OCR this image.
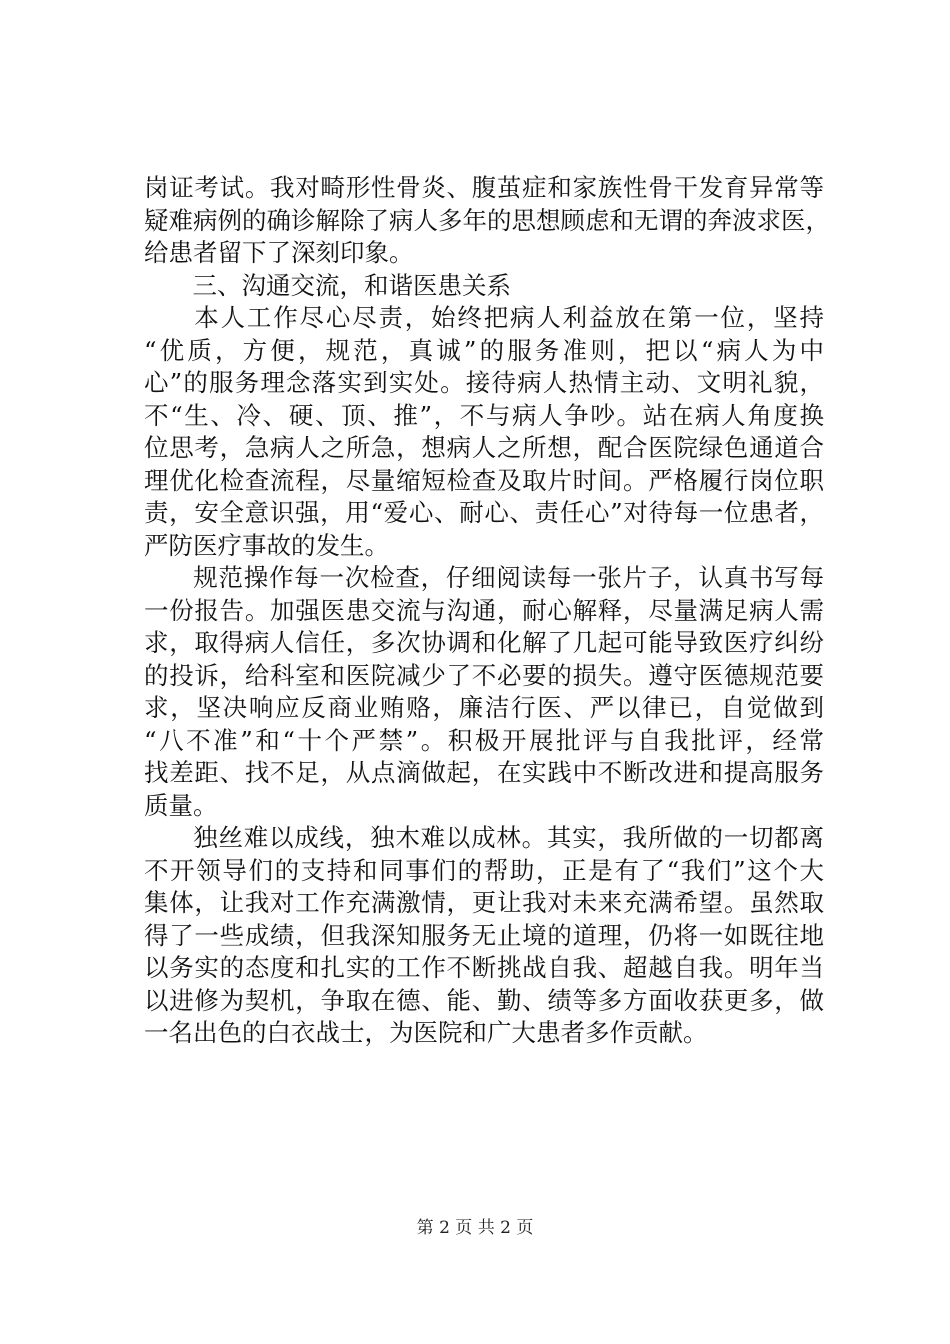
岗证考试。我对畸形性骨炎、腹茧症和家族性骨干发育异常等
疑难病例的确诊解除了病人多年的思想顾虑和无谓的奔波求医，
给患者留下了深刻印象。
　三、沟通交流，和谐医患关系
　本人工作尽心尽责，始终把病人利益放在第一位，坚持
“优质，方便，规范，真诚”的服务准则，把以“病人为中
心”的服务理念落实到实处。接待病人热情主动、文明礼貌，
不“生、冷、硬、顶、推”，不与病人争吵。站在病人角度换
位思考，急病人之所急，想病人之所想，配合医院绿色通道合
理优化检查流程，尽量缩短检查及取片时间。严格履行岗位职
责，安全意识强，用“爱心、耐心、责任心”对待每一位患者，
严防医疗事故的发生。
　规范操作每一次检查，仔细阅读每一张片子，认真书写每
一份报告。加强医患交流与沟通，耐心解释，尽量满足病人需
求，取得病人信任，多次协调和化解了几起可能导致医疗纠纷
的投诉，给科室和医院减少了不必要的损失。遵守医德规范要
求，坚决响应反商业贿赂，廉洁行医、严以律已，自觉做到
“八不准”和“十个严禁”。积极开展批评与自我批评，经常
找差距、找不足，从点滴做起，在实践中不断改进和提高服务
质量。
　独丝难以成线，独木难以成林。其实，我所做的一切都离
不开领导们的支持和同事们的帮助，正是有了“我们”这个大
集体，让我对工作充满激情，更让我对未来充满希望。虽然取
得了一些成绩，但我深知服务无止境的道理，仍将一如既往地
以务实的态度和扎实的工作不断挑战自我、超越自我。明年当
以进修为契机，争取在德、能、勤、绩等多方面收获更多，做
一名出色的白衣战士，为医院和广大患者多作贡献。
第 2 页 共 2 页
